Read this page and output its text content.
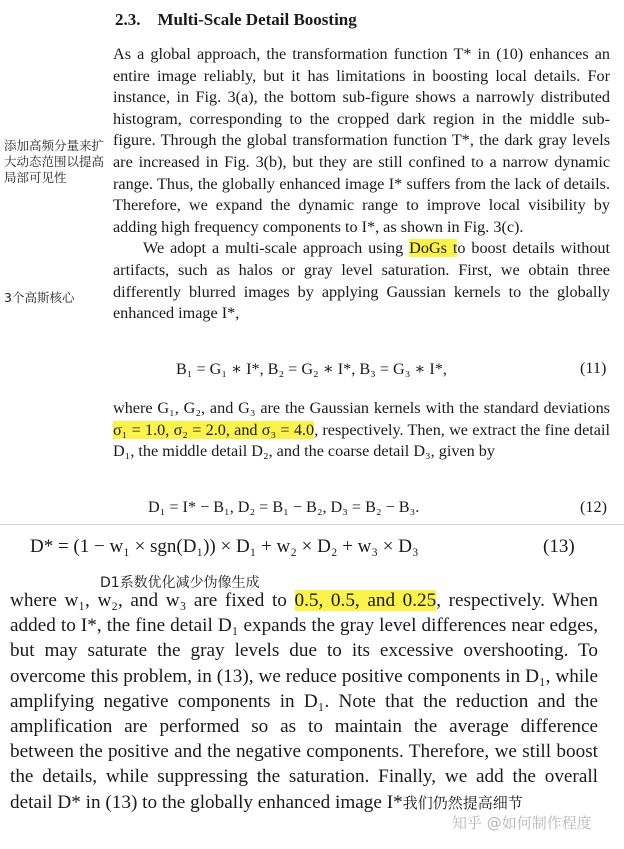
2.3. Multi-Scale Detail Boosting
添加高频分量来扩大动态范围以提高局部可见性
3个高斯核心

As a global approach, the transformation function T* in (10) enhances an entire image reliably, but it has limitations in boosting local details. For instance, in Fig. 3(a), the bottom sub-figure shows a narrowly distributed histogram, corresponding to the cropped dark region in the middle sub-figure. Through the global transformation function T*, the dark gray levels are increased in Fig. 3(b), but they are still confined to a narrow dynamic range. Thus, the globally enhanced image I* suffers from the lack of details. Therefore, we expand the dynamic range to improve local visibility by adding high frequency components to I*, as shown in Fig. 3(c).

We adopt a multi-scale approach using DoGs to boost details without artifacts, such as halos or gray level saturation. First, we obtain three differently blurred images by applying Gaussian kernels to the globally enhanced image I*,

B₁ = G₁ ∗ I*, B₂ = G₂ ∗ I*, B₃ = G₃ ∗ I*,	(11)
where G₁, G₂, and G₃ are the Gaussian kernels with the standard deviations σ₁ = 1.0, σ₂ = 2.0, and σ₃ = 4.0, respectively. Then, we extract the fine detail D₁, the middle detail D₂, and the coarse detail D₃, given by
D₁ = I* − B₁, D₂ = B₁ − B₂, D₃ = B₂ − B₃.	(12)
D* = (1 − w₁ × sgn(D₁)) × D₁ + w₂ × D₂ + w₃ × D₃	(13)
D1系数优化减少伪像生成

where w₁, w₂, and w₃ are fixed to 0.5, 0.5, and 0.25, respectively. When added to I*, the fine detail D₁ expands the gray level differences near edges, but may saturate the gray levels due to its excessive overshooting. To overcome this problem, in (13), we reduce positive components in D₁, while amplifying negative components in D₁. Note that the reduction and the amplification are performed so as to maintain the average difference between the positive and the negative components. Therefore, we still boost the details, while suppressing the saturation. Finally, we add the overall detail D* in (13) to the globally enhanced image I*我们仍然提高细节

知乎 @如何制作程度
